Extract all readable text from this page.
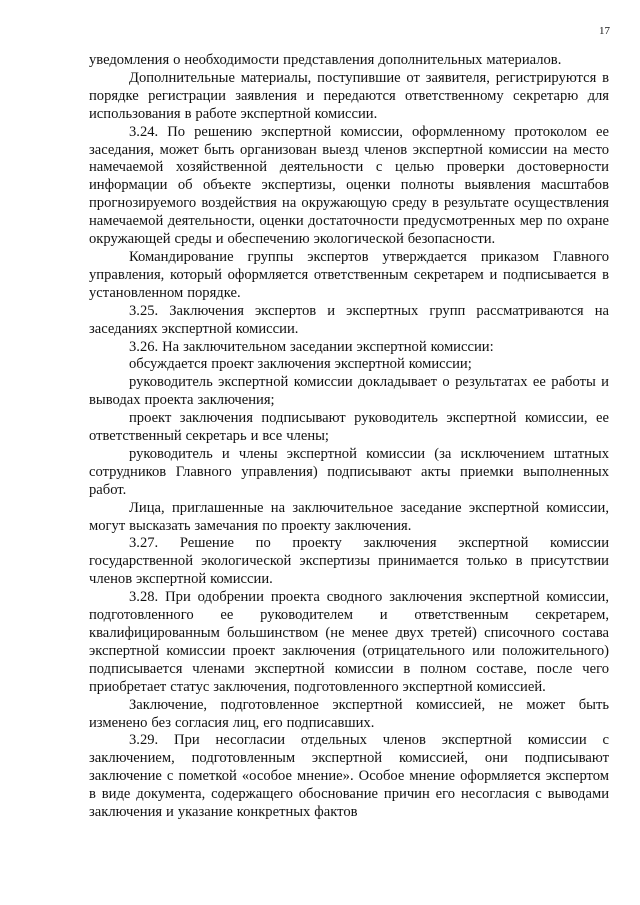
17

уведомления о необходимости представления дополнительных материалов.

Дополнительные материалы, поступившие от заявителя, регистрируются в порядке регистрации заявления и передаются ответственному секретарю для использования в работе экспертной комиссии.

3.24. По решению экспертной комиссии, оформленному протоколом ее заседания, может быть организован выезд членов экспертной комиссии на место намечаемой хозяйственной деятельности с целью проверки достоверности информации об объекте экспертизы, оценки полноты выявления масштабов прогнозируемого воздействия на окружающую среду в результате осуществления намечаемой деятельности, оценки достаточности предусмотренных мер по охране окружающей среды и обеспечению экологической безопасности.

Командирование группы экспертов утверждается приказом Главного управления, который оформляется ответственным секретарем и подписывается в установленном порядке.

3.25. Заключения экспертов и экспертных групп рассматриваются на заседаниях экспертной комиссии.

3.26. На заключительном заседании экспертной комиссии:

обсуждается проект заключения экспертной комиссии;

руководитель экспертной комиссии докладывает о результатах ее работы и выводах проекта заключения;

проект заключения подписывают руководитель экспертной комиссии, ее ответственный секретарь и все члены;

руководитель и члены экспертной комиссии (за исключением штатных сотрудников Главного управления) подписывают акты приемки выполненных работ.

Лица, приглашенные на заключительное заседание экспертной комиссии, могут высказать замечания по проекту заключения.

3.27. Решение по проекту заключения экспертной комиссии государственной экологической экспертизы принимается только в присутствии членов экспертной комиссии.

3.28. При одобрении проекта сводного заключения экспертной комиссии, подготовленного ее руководителем и ответственным секретарем, квалифицированным большинством (не менее двух третей) списочного состава экспертной комиссии проект заключения (отрицательного или положительного) подписывается членами экспертной комиссии в полном составе, после чего приобретает статус заключения, подготовленного экспертной комиссией.

Заключение, подготовленное экспертной комиссией, не может быть изменено без согласия лиц, его подписавших.

3.29. При несогласии отдельных членов экспертной комиссии с заключением, подготовленным экспертной комиссией, они подписывают заключение с пометкой «особое мнение». Особое мнение оформляется экспертом в виде документа, содержащего обоснование причин его несогласия с выводами заключения и указание конкретных фактов
